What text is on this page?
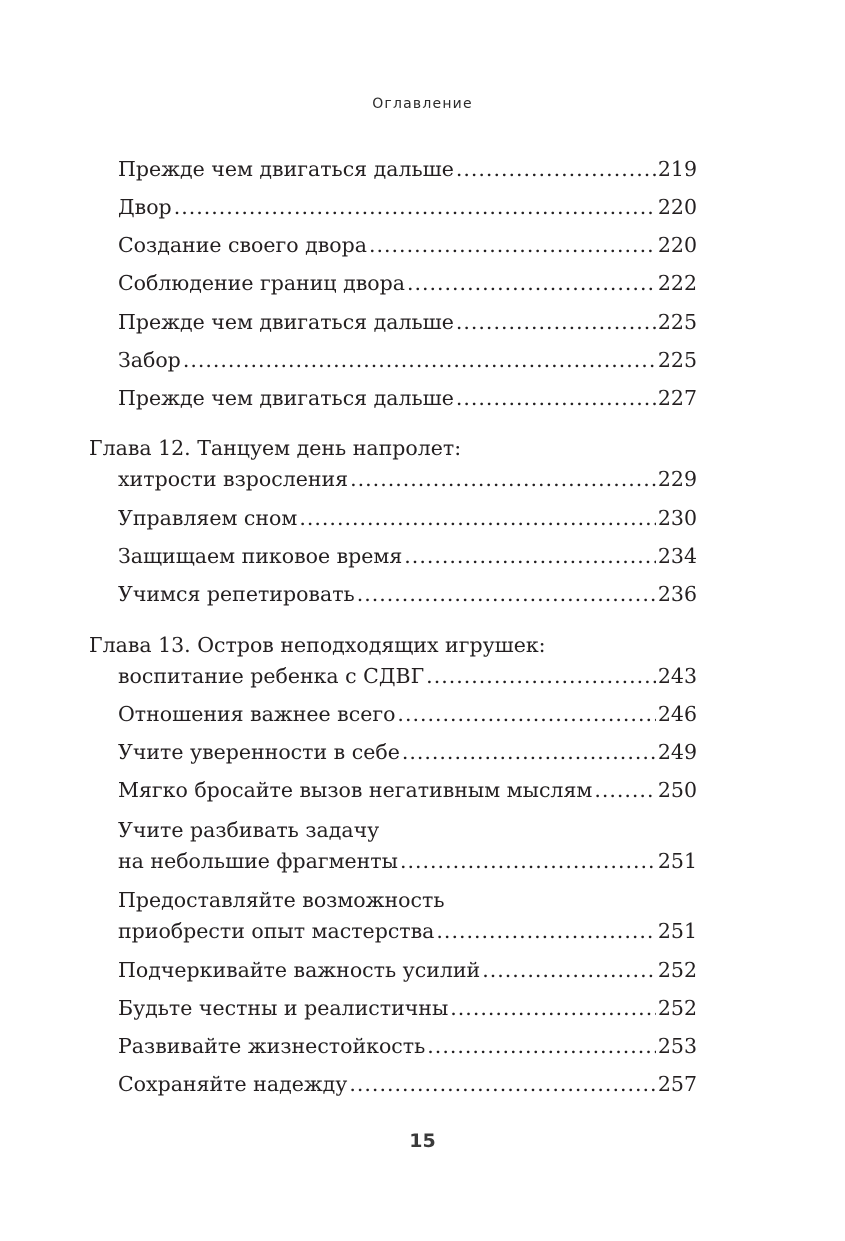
Оглавление
Прежде чем двигаться дальше .....	219
Двор .....	220
Создание своего двора .....	220
Соблюдение границ двора .....	222
Прежде чем двигаться дальше .....	225
Забор .....	225
Прежде чем двигаться дальше .....	227
Глава 12. Танцуем день напролет:
хитрости взросления .....	229
Управляем сном .....	230
Защищаем пиковое время .....	234
Учимся репетировать .....	236
Глава 13. Остров неподходящих игрушек:
воспитание ребенка с СДВГ .....	243
Отношения важнее всего .....	246
Учите уверенности в себе .....	249
Мягко бросайте вызов негативным мыслям .....	250
Учите разбивать задачу
на небольшие фрагменты .....	251
Предоставляйте возможность
приобрести опыт мастерства .....	251
Подчеркивайте важность усилий .....	252
Будьте честны и реалистичны .....	252
Развивайте жизнестойкость .....	253
Сохраняйте надежду .....	257
15
